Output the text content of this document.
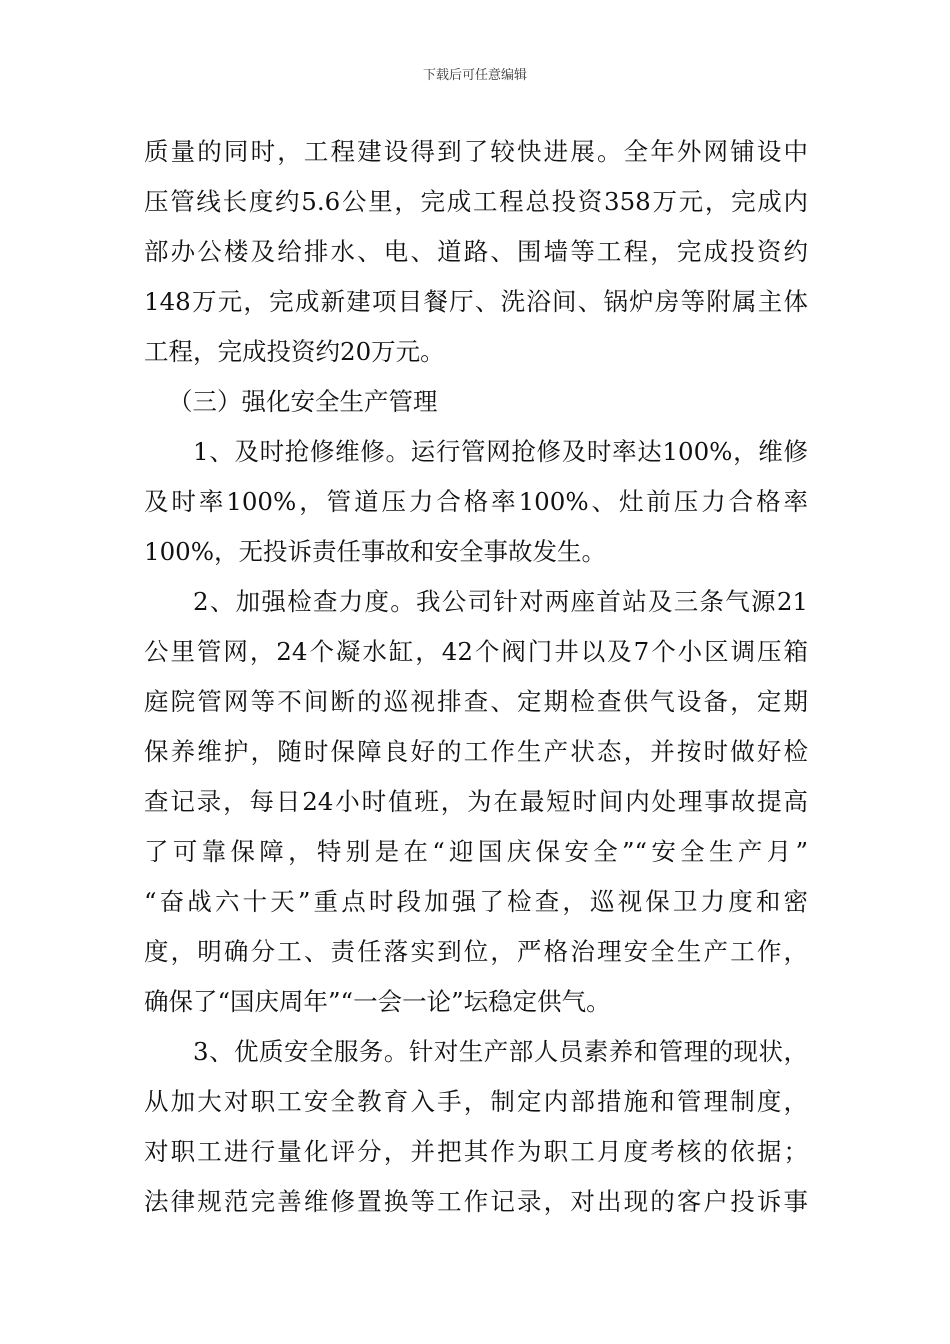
下载后可任意编辑
质量的同时，工程建设得到了较快进展。全年外网铺设中
压管线长度约5.6公里，完成工程总投资358万元，完成内
部办公楼及给排水、电、道路、围墙等工程，完成投资约
148万元，完成新建项目餐厅、洗浴间、锅炉房等附属主体
工程，完成投资约20万元。
（三）强化安全生产管理
1、及时抢修维修。运行管网抢修及时率达100%，维修
及时率100%，管道压力合格率100%、灶前压力合格率
100%，无投诉责任事故和安全事故发生。
2、加强检查力度。我公司针对两座首站及三条气源21
公里管网，24个凝水缸，42个阀门井以及7个小区调压箱
庭院管网等不间断的巡视排查、定期检查供气设备，定期
保养维护，随时保障良好的工作生产状态，并按时做好检
查记录，每日24小时值班，为在最短时间内处理事故提高
了可靠保障，特别是在“迎国庆保安全”“安全生产月”
“奋战六十天”重点时段加强了检查，巡视保卫力度和密
度，明确分工、责任落实到位，严格治理安全生产工作，
确保了“国庆周年”“一会一论”坛稳定供气。
3、优质安全服务。针对生产部人员素养和管理的现状，
从加大对职工安全教育入手，制定内部措施和管理制度，
对职工进行量化评分，并把其作为职工月度考核的依据；
法律规范完善维修置换等工作记录，对出现的客户投诉事
